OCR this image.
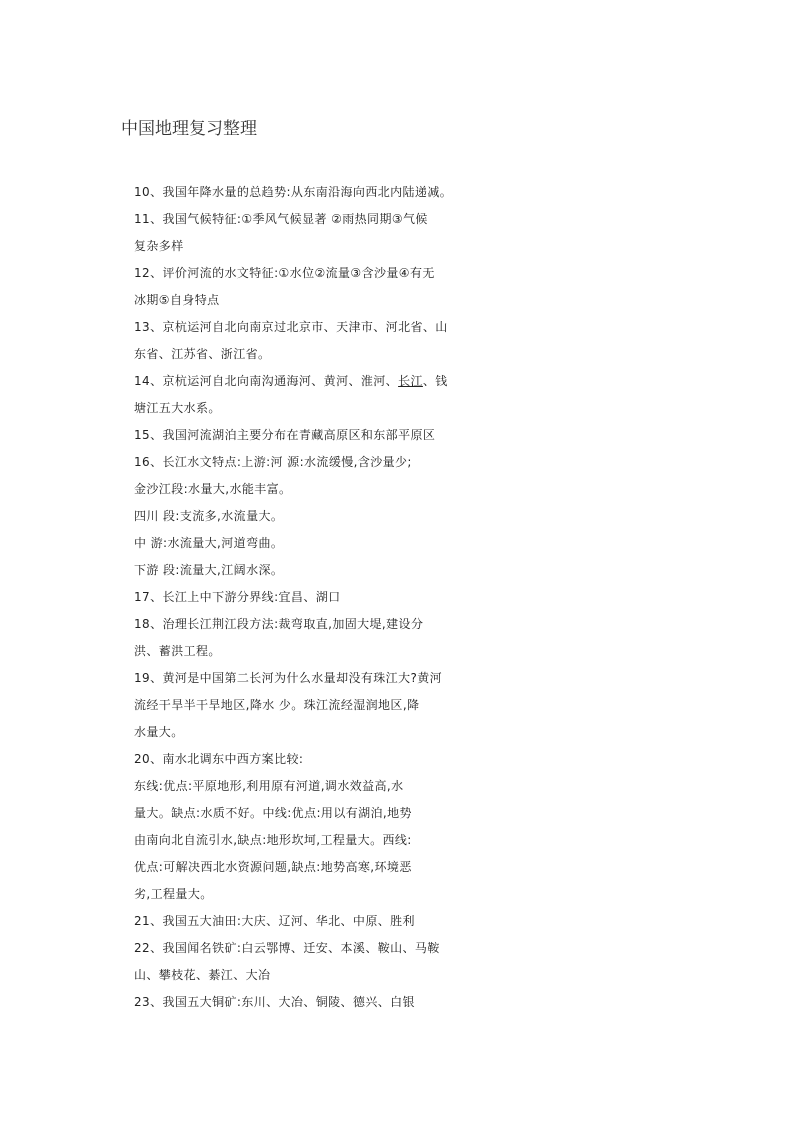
中国地理复习整理
10、我国年降水量的总趋势:从东南沿海向西北内陆递减。
11、我国气候特征:①季风气候显著 ②雨热同期③气候
复杂多样
12、评价河流的水文特征:①水位②流量③含沙量④有无
冰期⑤自身特点
13、京杭运河自北向南京过北京市、天津市、河北省、山
东省、江苏省、浙江省。
14、京杭运河自北向南沟通海河、黄河、淮河、长江、钱
塘江五大水系。
15、我国河流湖泊主要分布在青藏高原区和东部平原区
16、长江水文特点:上游:河 源:水流缓慢,含沙量少;
金沙江段:水量大,水能丰富。
四川 段:支流多,水流量大。
中 游:水流量大,河道弯曲。
下游 段:流量大,江阔水深。
17、长江上中下游分界线:宜昌、湖口
18、治理长江荆江段方法:裁弯取直,加固大堤,建设分
洪、蓄洪工程。
19、黄河是中国第二长河为什么水量却没有珠江大?黄河
流经干旱半干旱地区,降水 少。珠江流经湿润地区,降
水量大。
20、南水北调东中西方案比较:
东线:优点:平原地形,利用原有河道,调水效益高,水
量大。缺点:水质不好。中线:优点:用以有湖泊,地势
由南向北自流引水,缺点:地形坎坷,工程量大。西线:
优点:可解决西北水资源问题,缺点:地势高寒,环境恶
劣,工程量大。
21、我国五大油田:大庆、辽河、华北、中原、胜利
22、我国闻名铁矿:白云鄂博、迁安、本溪、鞍山、马鞍
山、攀枝花、綦江、大冶
23、我国五大铜矿:东川、大冶、铜陵、德兴、白银
